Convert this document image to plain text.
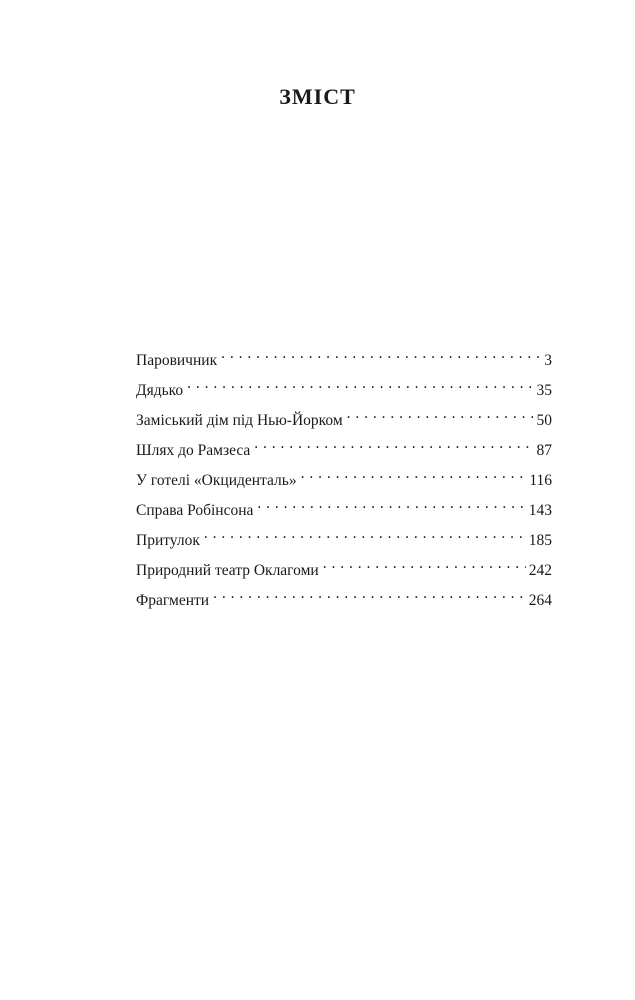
ЗМІСТ
Паровичник . . .	3
Дядько . . .	35
Заміський дім під Нью-Йорком . . .	50
Шлях до Рамзеса . . .	87
У готелі «Окциденталь» . . .	116
Справа Робінсона . . .	143
Притулок . . .	185
Природний театр Оклагоми . . .	242
Фрагменти . . .	264
